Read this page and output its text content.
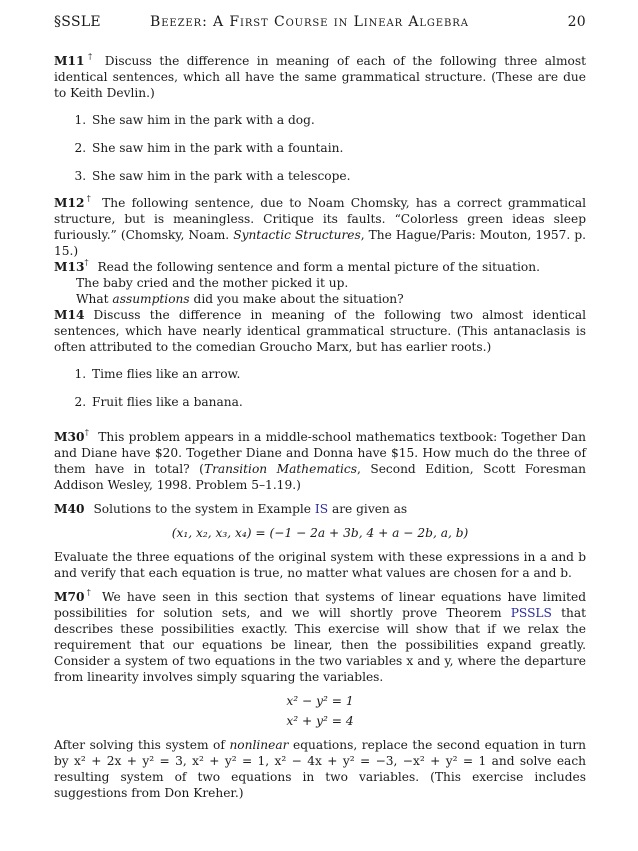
§SSLE	Beezer: A First Course in Linear Algebra	20

M11† Discuss the difference in meaning of each of the following three almost identical sentences, which all have the same grammatical structure. (These are due to Keith Devlin.)

1. She saw him in the park with a dog.
2. She saw him in the park with a fountain.
3. She saw him in the park with a telescope.

M12† The following sentence, due to Noam Chomsky, has a correct grammatical structure, but is meaningless. Critique its faults. “Colorless green ideas sleep furiously.” (Chomsky, Noam. Syntactic Structures, The Hague/Paris: Mouton, 1957. p. 15.)

M13† Read the following sentence and form a mental picture of the situation.

The baby cried and the mother picked it up.
What assumptions did you make about the situation?

M14 Discuss the difference in meaning of the following two almost identical sentences, which have nearly identical grammatical structure. (This antanaclasis is often attributed to the comedian Groucho Marx, but has earlier roots.)

1. Time flies like an arrow.
2. Fruit flies like a banana.

M30† This problem appears in a middle-school mathematics textbook: Together Dan and Diane have $20. Together Diane and Donna have $15. How much do the three of them have in total? (Transition Mathematics, Second Edition, Scott Foresman Addison Wesley, 1998. Problem 5–1.19.)

M40 Solutions to the system in Example IS are given as

(x₁, x₂, x₃, x₄) = (−1 − 2a + 3b, 4 + a − 2b, a, b)

Evaluate the three equations of the original system with these expressions in a and b and verify that each equation is true, no matter what values are chosen for a and b.

M70† We have seen in this section that systems of linear equations have limited possibilities for solution sets, and we will shortly prove Theorem PSSLS that describes these possibilities exactly. This exercise will show that if we relax the requirement that our equations be linear, then the possibilities expand greatly. Consider a system of two equations in the two variables x and y, where the departure from linearity involves simply squaring the variables.

x² − y² = 1
x² + y² = 4

After solving this system of nonlinear equations, replace the second equation in turn by x² + 2x + y² = 3, x² + y² = 1, x² − 4x + y² = −3, −x² + y² = 1 and solve each resulting system of two equations in two variables. (This exercise includes suggestions from Don Kreher.)
